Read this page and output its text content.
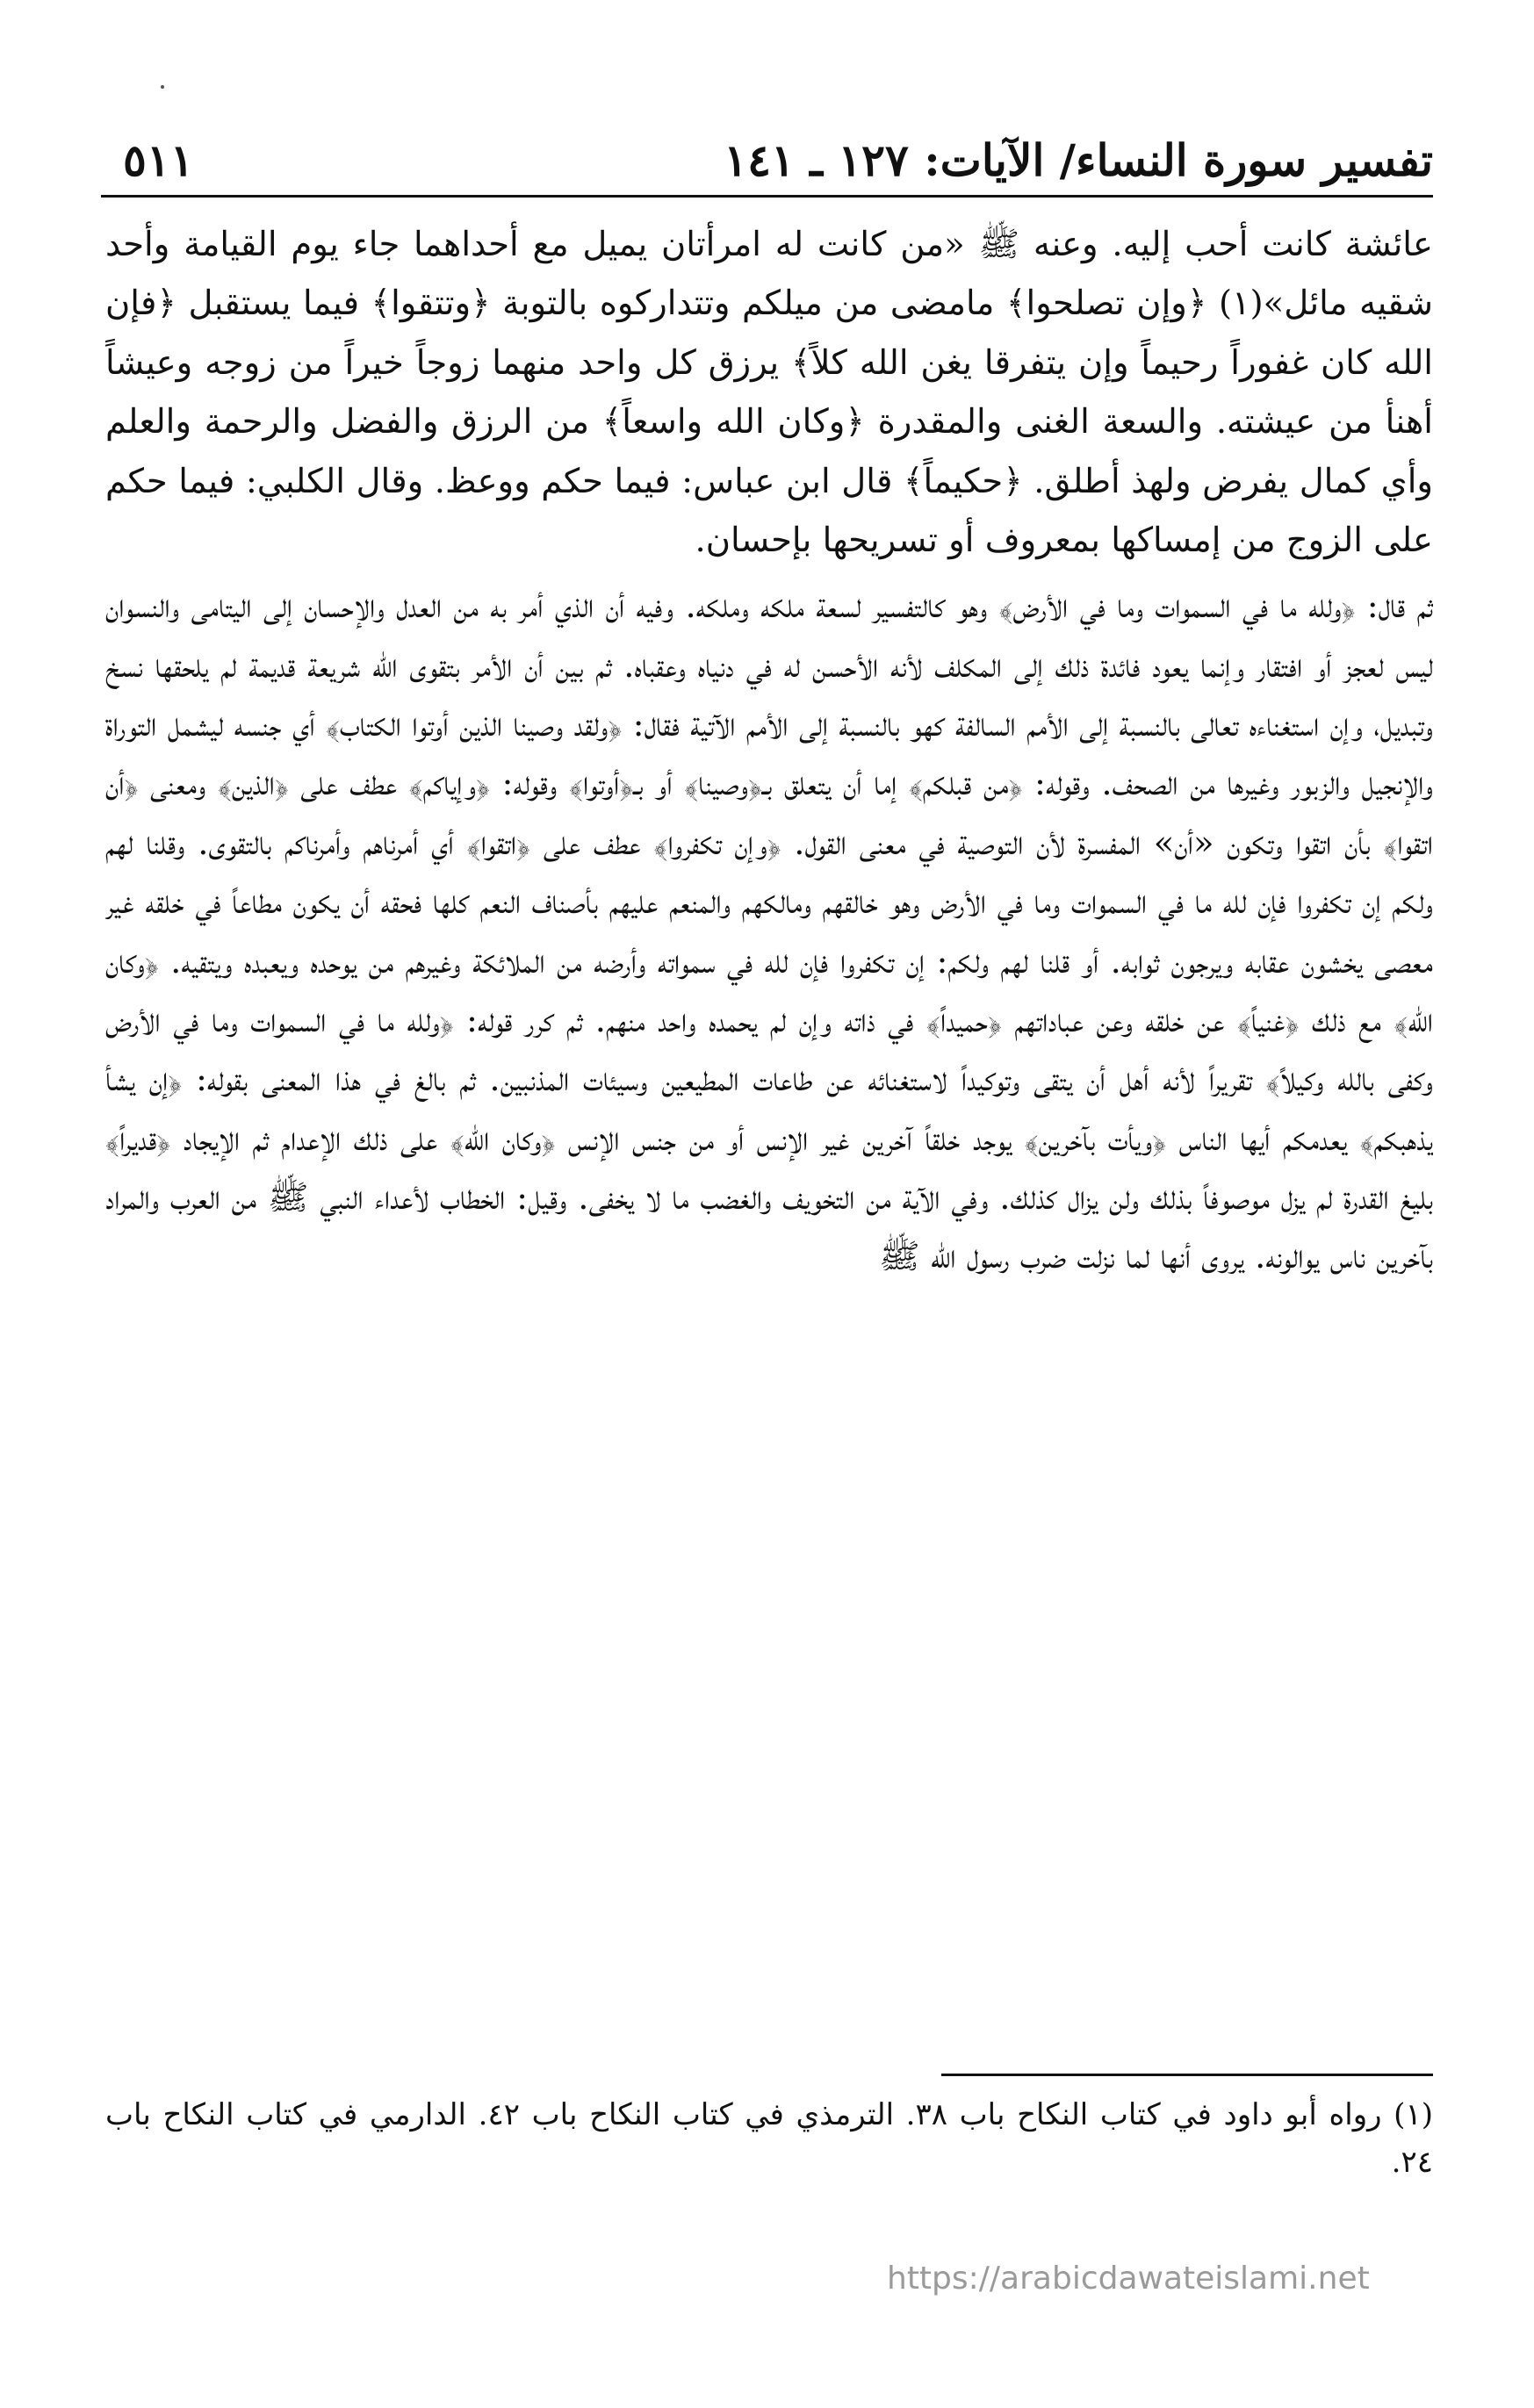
تفسير سورة النساء/ الآيات: ١٢٧ ـ ١٤١
٥١١

عائشة كانت أحب إليه. وعنه ﷺ «من كانت له امرأتان يميل مع أحداهما جاء يوم القيامة وأحد شقيه مائل»(١) ﴿وإن تصلحوا﴾ مامضى من ميلكم وتتداركوه بالتوبة ﴿وتتقوا﴾ فيما يستقبل ﴿فإن الله كان غفوراً رحيماً وإن يتفرقا يغن الله كلاً﴾ يرزق كل واحد منهما زوجاً خيراً من زوجه وعيشاً أهنأ من عيشته. والسعة الغنى والمقدرة ﴿وكان الله واسعاً﴾ من الرزق والفضل والرحمة والعلم وأي كمال يفرض ولهذ أطلق. ﴿حكيماً﴾ قال ابن عباس: فيما حكم ووعظ. وقال الكلبي: فيما حكم على الزوج من إمساكها بمعروف أو تسريحها بإحسان.

ثم قال: ﴿ولله ما في السموات وما في الأرض﴾ وهو كالتفسير لسعة ملكه وملكه. وفيه أن الذي أمر به من العدل والإحسان إلى اليتامى والنسوان ليس لعجز أو افتقار وإنما يعود فائدة ذلك إلى المكلف لأنه الأحسن له في دنياه وعقباه. ثم بين أن الأمر بتقوى الله شريعة قديمة لم يلحقها نسخ وتبديل، وإن استغناءه تعالى بالنسبة إلى الأمم السالفة كهو بالنسبة إلى الأمم الآتية فقال: ﴿ولقد وصينا الذين أوتوا الكتاب﴾ أي جنسه ليشمل التوراة والإنجيل والزبور وغيرها من الصحف. وقوله: ﴿من قبلكم﴾ إما أن يتعلق بـ﴿وصينا﴾ أو بـ﴿أوتوا﴾ وقوله: ﴿وإياكم﴾ عطف على ﴿الذين﴾ ومعنى ﴿أن اتقوا﴾ بأن اتقوا وتكون «أن» المفسرة لأن التوصية في معنى القول. ﴿وإن تكفروا﴾ عطف على ﴿اتقوا﴾ أي أمرناهم وأمرناكم بالتقوى. وقلنا لهم ولكم إن تكفروا فإن لله ما في السموات وما في الأرض وهو خالقهم ومالكهم والمنعم عليهم بأصناف النعم كلها فحقه أن يكون مطاعاً في خلقه غير معصى يخشون عقابه ويرجون ثوابه. أو قلنا لهم ولكم: إن تكفروا فإن لله في سمواته وأرضه من الملائكة وغيرهم من يوحده ويعبده ويتقيه. ﴿وكان الله﴾ مع ذلك ﴿غنياً﴾ عن خلقه وعن عباداتهم ﴿حميداً﴾ في ذاته وإن لم يحمده واحد منهم. ثم كرر قوله: ﴿ولله ما في السموات وما في الأرض وكفى بالله وكيلاً﴾ تقريراً لأنه أهل أن يتقى وتوكيداً لاستغنائه عن طاعات المطيعين وسيئات المذنبين. ثم بالغ في هذا المعنى بقوله: ﴿إن يشأ يذهبكم﴾ يعدمكم أيها الناس ﴿ويأت بآخرين﴾ يوجد خلقاً آخرين غير الإنس أو من جنس الإنس ﴿وكان الله﴾ على ذلك الإعدام ثم الإيجاد ﴿قديراً﴾ بليغ القدرة لم يزل موصوفاً بذلك ولن يزال كذلك. وفي الآية من التخويف والغضب ما لا يخفى. وقيل: الخطاب لأعداء النبي ﷺ من العرب والمراد بآخرين ناس يوالونه. يروى أنها لما نزلت ضرب رسول الله ﷺ

(١) رواه أبو داود في كتاب النكاح باب ٣٨. الترمذي في كتاب النكاح باب ٤٢. الدارمي في كتاب النكاح باب ٢٤.
https://arabicdawateislami.net
